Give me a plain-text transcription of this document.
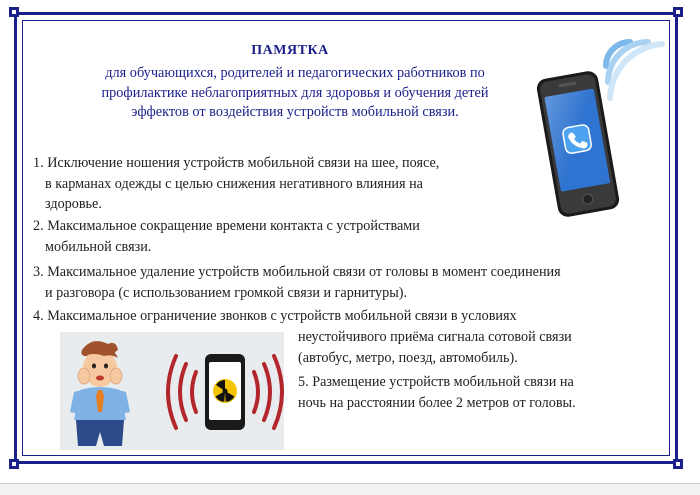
ПАМЯТКА
для обучающихся, родителей и педагогических работников по
профилактике неблагоприятных для здоровья и обучения детей
эффектов от воздействия устройств мобильной связи.
1. Исключение ношения устройств мобильной связи на шее, поясе,
в карманах одежды с целью снижения негативного влияния на
здоровье.
2. Максимальное сокращение времени контакта с устройствами
мобильной связи.
3. Максимальное удаление устройств мобильной связи от головы в момент соединения
и разговора (с использованием громкой связи и гарнитуры).
4. Максимальное ограничение звонков с устройств мобильной связи в условиях
неустойчивого приёма сигнала сотовой связи
(автобус, метро, поезд, автомобиль).
5. Размещение устройств мобильной связи на
ночь на расстоянии более 2 метров от головы.
